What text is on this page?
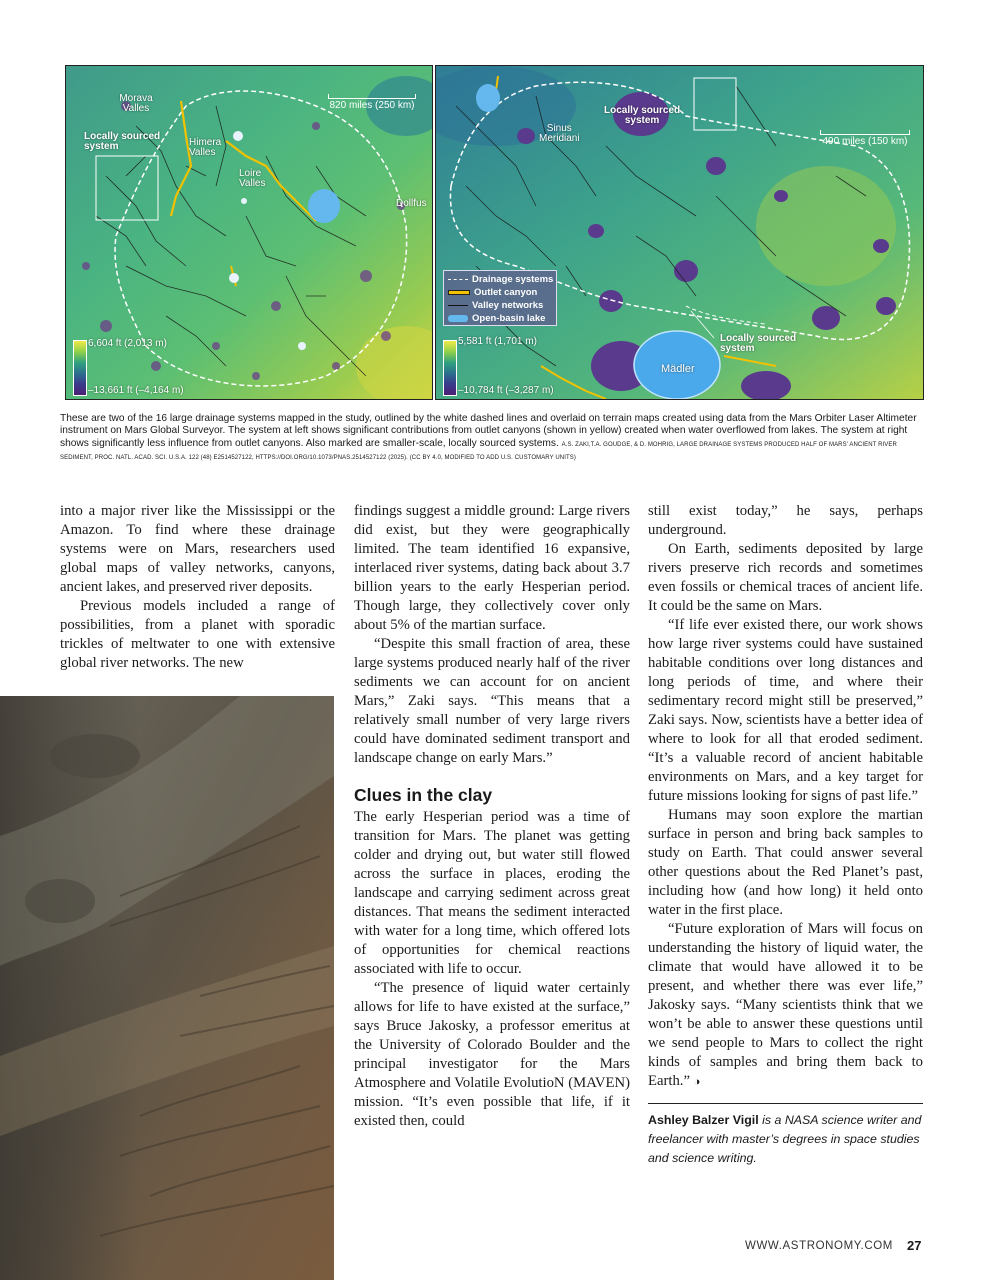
Morava
Valles
Locally sourced
system	Himera
Valles
Loire
Valles
Dollfus
820 miles (250 km)
6,604 ft (2,013 m)
–13,661 ft (–4,164 m)
Sinus
Meridiani
Locally sourced
system
Locally sourced
system
Mädler
490 miles (150 km)
5,581 ft (1,701 m)
–10,784 ft (–3,287 m)
Drainage systems
Outlet canyon
Valley networks
Open-basin lake
These are two of the 16 large drainage systems mapped in the study, outlined by the white dashed lines and overlaid on terrain maps created using data from the Mars Orbiter Laser Altimeter instrument on Mars Global Surveyor. The system at left shows significant contributions from outlet canyons (shown in yellow) created when water overflowed from lakes. The system at right shows significantly less influence from outlet canyons. Also marked are smaller-scale, locally sourced systems. A.S. ZAKI,T.A. GOUDGE, & D. MOHRIG, LARGE DRAINAGE SYSTEMS PRODUCED HALF OF MARS' ANCIENT RIVER SEDIMENT, PROC. NATL. ACAD. SCI. U.S.A. 122 (48) E2514527122, HTTPS://DOI.ORG/10.1073/PNAS.2514527122 (2025). (CC BY 4.0, MODIFIED TO ADD U.S. CUSTOMARY UNITS)

into a major river like the Mississippi or the Amazon. To find where these drainage systems were on Mars, researchers used global maps of valley networks, canyons, ancient lakes, and preserved river deposits.

Previous models included a range of possibilities, from a planet with sporadic trickles of meltwater to one with extensive global river networks. The new

findings suggest a middle ground: Large rivers did exist, but they were geographically limited. The team identified 16 expansive, interlaced river systems, dating back about 3.7 billion years to the early Hesperian period. Though large, they collectively cover only about 5% of the martian surface.

“Despite this small fraction of area, these large systems produced nearly half of the river sediments we can account for on ancient Mars,” Zaki says. “This means that a relatively small number of very large rivers could have dominated sediment transport and landscape change on early Mars.”

Clues in the clay

The early Hesperian period was a time of transition for Mars. The planet was getting colder and drying out, but water still flowed across the surface in places, eroding the landscape and carrying sediment across great distances. That means the sediment interacted with water for a long time, which offered lots of opportunities for chemical reactions associated with life to occur.

“The presence of liquid water certainly allows for life to have existed at the surface,” says Bruce Jakosky, a professor emeritus at the University of Colorado Boulder and the principal investigator for the Mars Atmosphere and Volatile EvolutioN (MAVEN) mission. “It’s even possible that life, if it existed then, could

still exist today,” he says, perhaps underground.

On Earth, sediments deposited by large rivers preserve rich records and sometimes even fossils or chemical traces of ancient life. It could be the same on Mars.

“If life ever existed there, our work shows how large river systems could have sustained habitable conditions over long distances and long periods of time, and where their sedimentary record might still be preserved,” Zaki says. Now, scientists have a better idea of where to look for all that eroded sediment. “It’s a valuable record of ancient habitable environments on Mars, and a key target for future missions looking for signs of past life.”

Humans may soon explore the martian surface in person and bring back samples to study on Earth. That could answer several other questions about the Red Planet’s past, including how (and how long) it held onto water in the first place.

“Future exploration of Mars will focus on understanding the history of liquid water, the climate that would have allowed it to be present, and whether there was ever life,” Jakosky says. “Many scientists think that we won’t be able to answer these questions until we send people to Mars to collect the right kinds of samples and bring them back to Earth.” ◑

Ashley Balzer Vigil is a NASA science writer and freelancer with master’s degrees in space studies and science writing.
WWW.ASTRONOMY.COM 27
